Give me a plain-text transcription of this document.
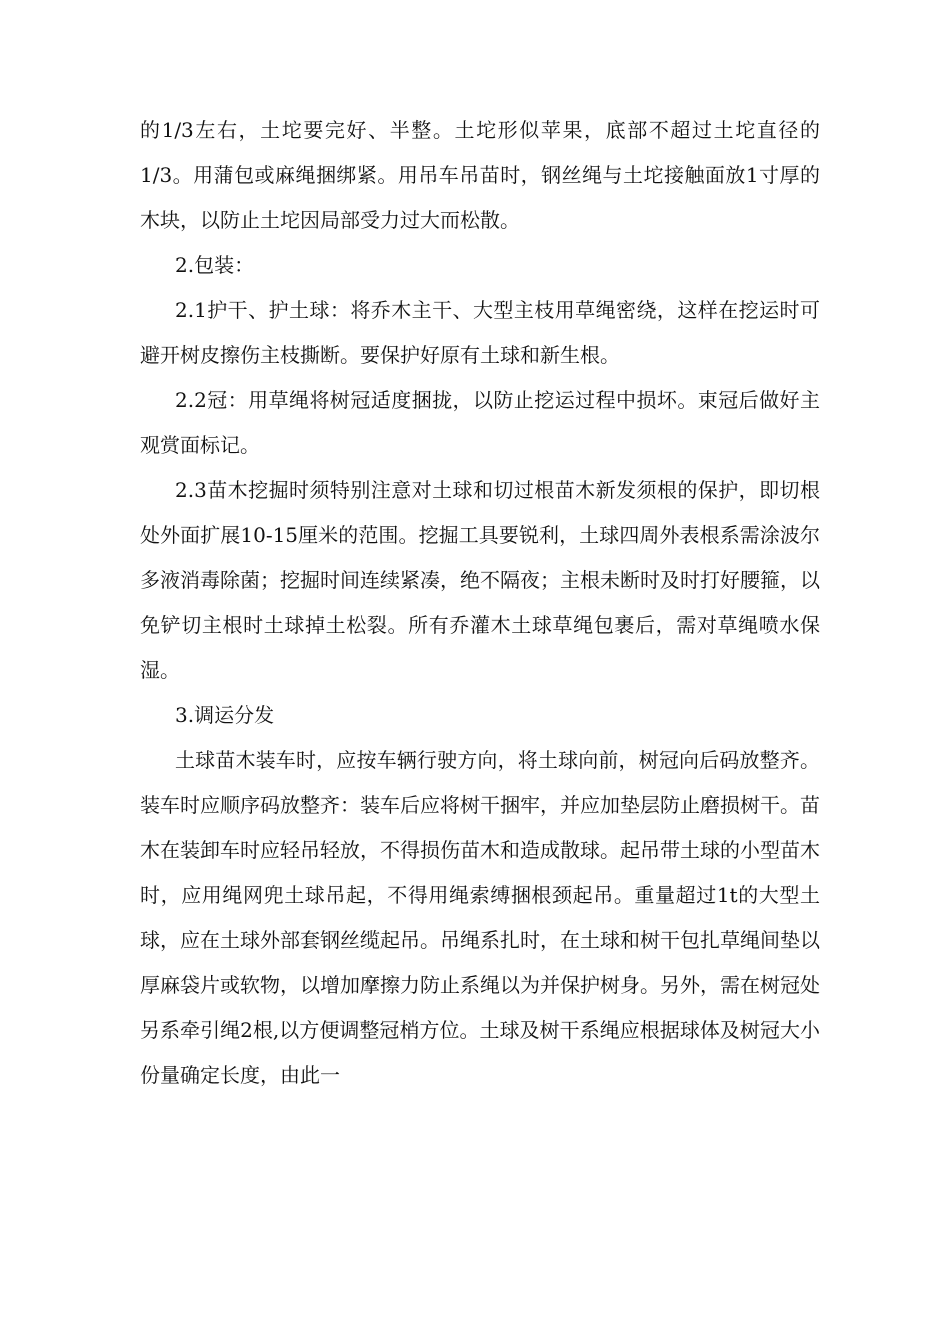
的1/3左右，土坨要完好、半整。土坨形似苹果，底部不超过土坨直径的1/3。用蒲包或麻绳捆绑紧。用吊车吊苗时，钢丝绳与土坨接触面放1寸厚的木块，以防止土坨因局部受力过大而松散。

2.包装：

2.1护干、护土球：将乔木主干、大型主枝用草绳密绕，这样在挖运时可避开树皮擦伤主枝撕断。要保护好原有土球和新生根。

2.2冠：用草绳将树冠适度捆拢，以防止挖运过程中损坏。束冠后做好主观赏面标记。

2.3苗木挖掘时须特别注意对土球和切过根苗木新发须根的保护，即切根处外面扩展10-15厘米的范围。挖掘工具要锐利，土球四周外表根系需涂波尔多液消毒除菌；挖掘时间连续紧凑，绝不隔夜；主根未断时及时打好腰箍，以免铲切主根时土球掉土松裂。所有乔灌木土球草绳包裹后，需对草绳喷水保湿。

3.调运分发

土球苗木装车时，应按车辆行驶方向，将土球向前，树冠向后码放整齐。装车时应顺序码放整齐：装车后应将树干捆牢，并应加垫层防止磨损树干。苗木在装卸车时应轻吊轻放，不得损伤苗木和造成散球。起吊带土球的小型苗木时，应用绳网兜土球吊起，不得用绳索缚捆根颈起吊。重量超过1t的大型土球，应在土球外部套钢丝缆起吊。吊绳系扎时，在土球和树干包扎草绳间垫以厚麻袋片或软物，以增加摩擦力防止系绳以为并保护树身。另外，需在树冠处另系牵引绳2根,以方便调整冠梢方位。土球及树干系绳应根据球体及树冠大小份量确定长度，由此一
